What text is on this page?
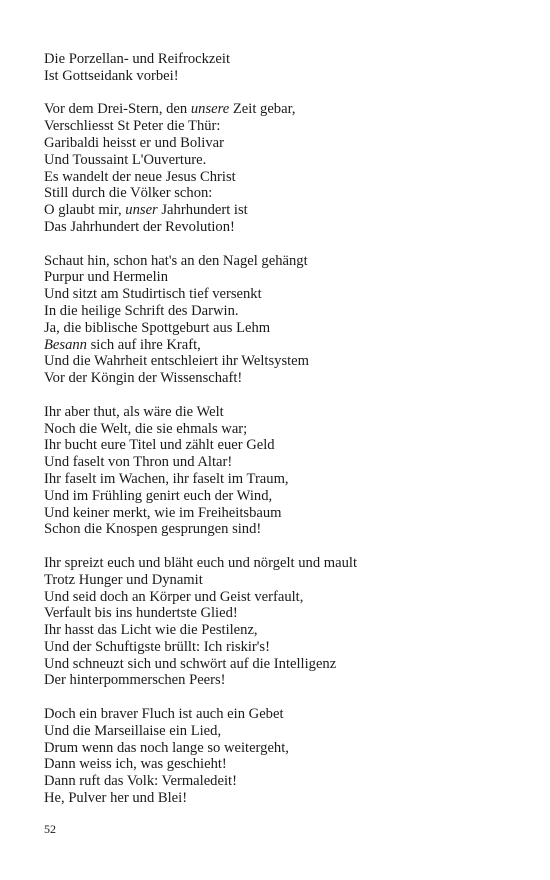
Die Porzellan- und Reifrockzeit
Ist Gottseidank vorbei!
Vor dem Drei-Stern, den unsere Zeit gebar,
Verschliesst St Peter die Thür:
Garibaldi heisst er und Bolivar
Und Toussaint L'Ouverture.
Es wandelt der neue Jesus Christ
Still durch die Völker schon:
O glaubt mir, unser Jahrhundert ist
Das Jahrhundert der Revolution!
Schaut hin, schon hat's an den Nagel gehängt
Purpur und Hermelin
Und sitzt am Studirtisch tief versenkt
In die heilige Schrift des Darwin.
Ja, die biblische Spottgeburt aus Lehm
Besann sich auf ihre Kraft,
Und die Wahrheit entschleiert ihr Weltsystem
Vor der Köngin der Wissenschaft!
Ihr aber thut, als wäre die Welt
Noch die Welt, die sie ehmals war;
Ihr bucht eure Titel und zählt euer Geld
Und faselt von Thron und Altar!
Ihr faselt im Wachen, ihr faselt im Traum,
Und im Frühling genirt euch der Wind,
Und keiner merkt, wie im Freiheitsbaum
Schon die Knospen gesprungen sind!
Ihr spreizt euch und bläht euch und nörgelt und mault
Trotz Hunger und Dynamit
Und seid doch an Körper und Geist verfault,
Verfault bis ins hundertste Glied!
Ihr hasst das Licht wie die Pestilenz,
Und der Schuftigste brüllt: Ich riskir's!
Und schneuzt sich und schwört auf die Intelligenz
Der hinterpommerschen Peers!
Doch ein braver Fluch ist auch ein Gebet
Und die Marseillaise ein Lied,
Drum wenn das noch lange so weitergeht,
Dann weiss ich, was geschieht!
Dann ruft das Volk: Vermaledeit!
He, Pulver her und Blei!
52
